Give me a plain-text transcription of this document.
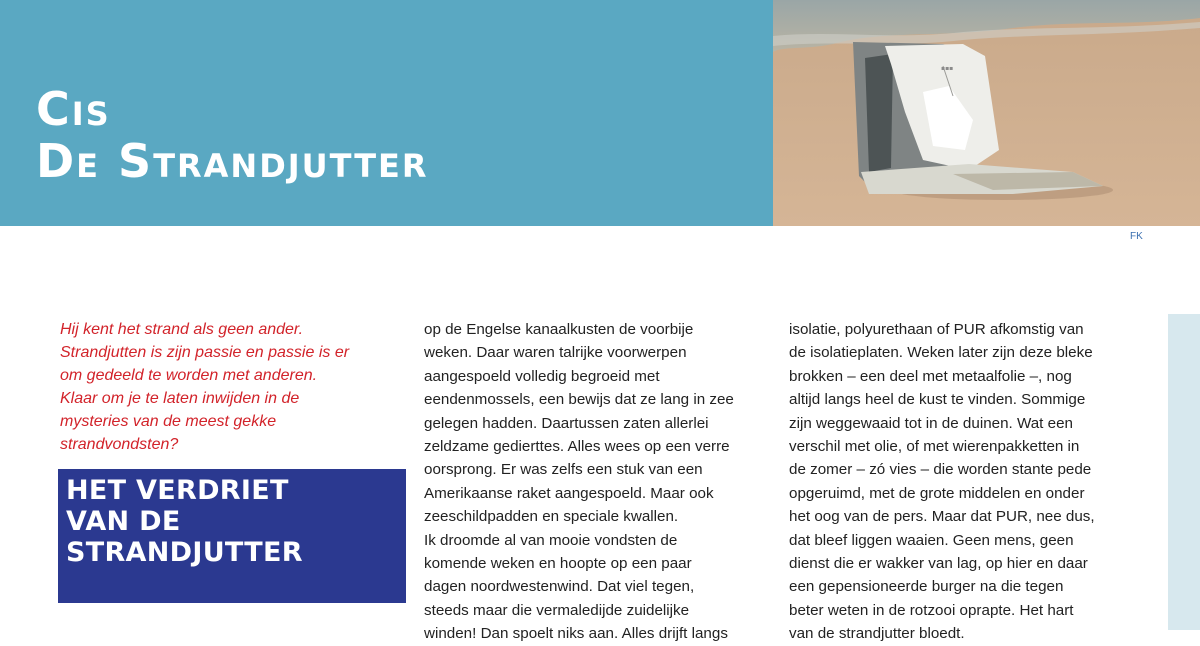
Cis
De Strandjutter
▪▪▪
FK
Hij kent het strand als geen ander.
Strandjutten is zijn passie en passie is er
om gedeeld te worden met anderen.
Klaar om je te laten inwijden in de
mysteries van de meest gekke
strandvondsten?
HET VERDRIET
VAN DE
STRANDJUTTER
op de Engelse kanaalkusten de voorbije
weken. Daar waren talrijke voorwerpen
aangespoeld volledig begroeid met
eendenmossels, een bewijs dat ze lang in zee
gelegen hadden. Daartussen zaten allerlei
zeldzame gedierttes. Alles wees op een verre
oorsprong. Er was zelfs een stuk van een
Amerikaanse raket aangespoeld. Maar ook
zeeschildpadden en speciale kwallen.
Ik droomde al van mooie vondsten de
komende weken en hoopte op een paar
dagen noordwestenwind. Dat viel tegen,
steeds maar die vermaledijde zuidelijke
winden! Dan spoelt niks aan. Alles drijft langs
isolatie, polyurethaan of PUR afkomstig van
de isolatieplaten. Weken later zijn deze bleke
brokken – een deel met metaalfolie –, nog
altijd langs heel de kust te vinden. Sommige
zijn weggewaaid tot in de duinen. Wat een
verschil met olie, of met wierenpakketten in
de zomer – zó vies – die worden stante pede
opgeruimd, met de grote middelen en onder
het oog van de pers. Maar dat PUR, nee dus,
dat bleef liggen waaien. Geen mens, geen
dienst die er wakker van lag, op hier en daar
een gepensioneerde burger na die tegen
beter weten in de rotzooi oprapte. Het hart
van de strandjutter bloedt.
